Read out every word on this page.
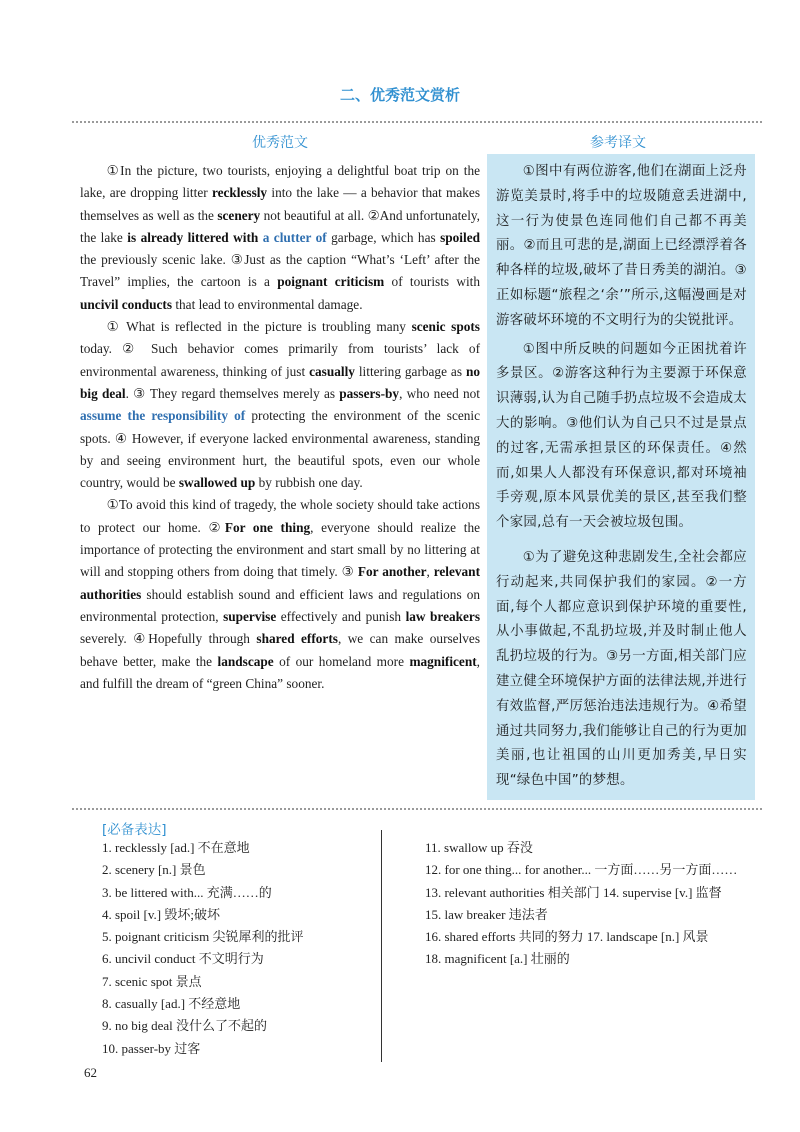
二、优秀范文赏析
优秀范文	参考译文

①In the picture, two tourists, enjoying a delightful boat trip on the lake, are dropping litter recklessly into the lake — a behavior that makes themselves as well as the scenery not beautiful at all. ②And unfortunately, the lake is already littered with a clutter of garbage, which has spoiled the previously scenic lake. ③Just as the caption “What’s ‘Left’ after the Travel” implies, the cartoon is a poignant criticism of tourists with uncivil conducts that lead to environmental damage.

① What is reflected in the picture is troubling many scenic spots today. ② Such behavior comes primarily from tourists’ lack of environmental awareness, thinking of just casually littering garbage as no big deal. ③ They regard themselves merely as passers-by, who need not assume the responsibility of protecting the environment of the scenic spots. ④ However, if everyone lacked environmental awareness, standing by and seeing environment hurt, the beautiful spots, even our whole country, would be swallowed up by rubbish one day.

①To avoid this kind of tragedy, the whole society should take actions to protect our home. ②For one thing, everyone should realize the importance of protecting the environment and start small by no littering at will and stopping others from doing that timely. ③ For another, relevant authorities should establish sound and efficient laws and regulations on environmental protection, supervise effectively and punish law breakers severely. ④Hopefully through shared efforts, we can make ourselves behave better, make the landscape of our homeland more magnificent, and fulfill the dream of “green China” sooner.

①图中有两位游客,他们在湖面上泛舟游览美景时,将手中的垃圾随意丢进湖中,这一行为使景色连同他们自己都不再美丽。②而且可悲的是,湖面上已经漂浮着各种各样的垃圾,破坏了昔日秀美的湖泊。③正如标题“旅程之‘余’”所示,这幅漫画是对游客破坏环境的不文明行为的尖锐批评。

①图中所反映的问题如今正困扰着许多景区。②游客这种行为主要源于环保意识薄弱,认为自己随手扔点垃圾不会造成太大的影响。③他们认为自己只不过是景点的过客,无需承担景区的环保责任。④然而,如果人人都没有环保意识,都对环境袖手旁观,原本风景优美的景区,甚至我们整个家园,总有一天会被垃圾包围。

①为了避免这种悲剧发生,全社会都应行动起来,共同保护我们的家园。②一方面,每个人都应意识到保护环境的重要性,从小事做起,不乱扔垃圾,并及时制止他人乱扔垃圾的行为。③另一方面,相关部门应建立健全环境保护方面的法律法规,并进行有效监督,严厉惩治违法违规行为。④希望通过共同努力,我们能够让自己的行为更加美丽,也让祖国的山川更加秀美,早日实现“绿色中国”的梦想。

[必备表达]
1. recklessly [ad.] 不在意地
2. scenery [n.] 景色
3. be littered with... 充满……的
4. spoil [v.] 毁坏;破坏
5. poignant criticism 尖锐犀利的批评
6. uncivil conduct 不文明行为
7. scenic spot 景点
8. casually [ad.] 不经意地
9. no big deal 没什么了不起的
10. passer-by 过客
11. swallow up 吞没
12. for one thing... for another... 一方面……另一方面……
13. relevant authorities 相关部门 14. supervise [v.] 监督
15. law breaker 违法者
16. shared efforts 共同的努力 17. landscape [n.] 风景
18. magnificent [a.] 壮丽的
62
